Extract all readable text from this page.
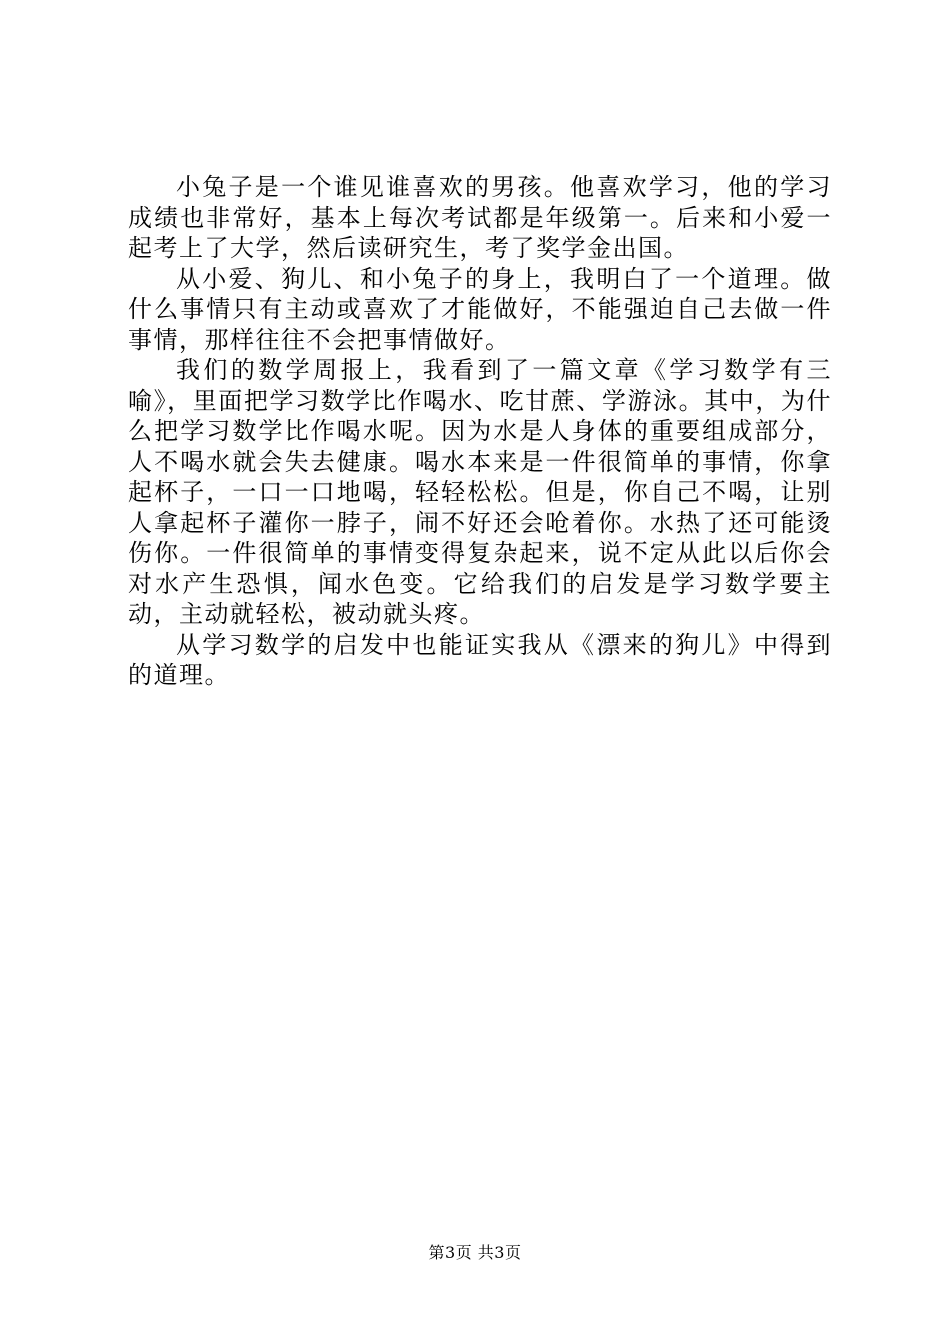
小兔子是一个谁见谁喜欢的男孩。他喜欢学习，他的学习成绩也非常好，基本上每次考试都是年级第一。后来和小爱一起考上了大学，然后读研究生，考了奖学金出国。

从小爱、狗儿、和小兔子的身上，我明白了一个道理。做什么事情只有主动或喜欢了才能做好，不能强迫自己去做一件事情，那样往往不会把事情做好。

我们的数学周报上，我看到了一篇文章《学习数学有三喻》，里面把学习数学比作喝水、吃甘蔗、学游泳。其中，为什么把学习数学比作喝水呢。因为水是人身体的重要组成部分，人不喝水就会失去健康。喝水本来是一件很简单的事情，你拿起杯子，一口一口地喝，轻轻松松。但是，你自己不喝，让别人拿起杯子灌你一脖子，闹不好还会呛着你。水热了还可能烫伤你。一件很简单的事情变得复杂起来，说不定从此以后你会对水产生恐惧，闻水色变。它给我们的启发是学习数学要主动，主动就轻松，被动就头疼。

从学习数学的启发中也能证实我从《漂来的狗儿》中得到的道理。

第3页 共3页
